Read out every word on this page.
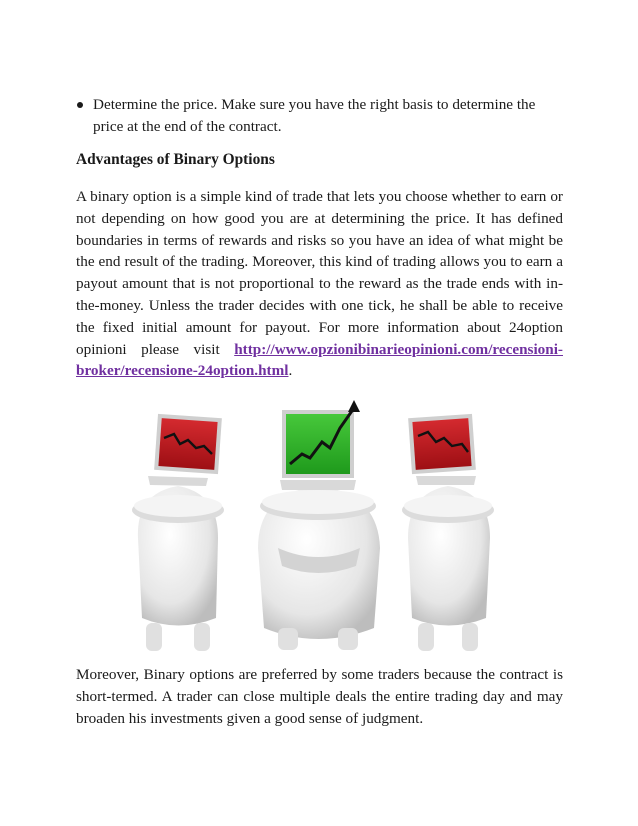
Determine the price. Make sure you have the right basis to determine the price at the end of the contract.
Advantages of Binary Options
A binary option is a simple kind of trade that lets you choose whether to earn or not depending on how good you are at determining the price. It has defined boundaries in terms of rewards and risks so you have an idea of what might be the end result of the trading. Moreover, this kind of trading allows you to earn a payout amount that is not proportional to the reward as the trade ends with in-the-money. Unless the trader decides with one tick, he shall be able to receive the fixed initial amount for payout. For more information about 24option opinioni please visit http://www.opzionibinarieopinioni.com/recensioni-broker/recensione-24option.html.
Moreover, Binary options are preferred by some traders because the contract is short-termed. A trader can close multiple deals the entire trading day and may broaden his investments given a good sense of judgment.
